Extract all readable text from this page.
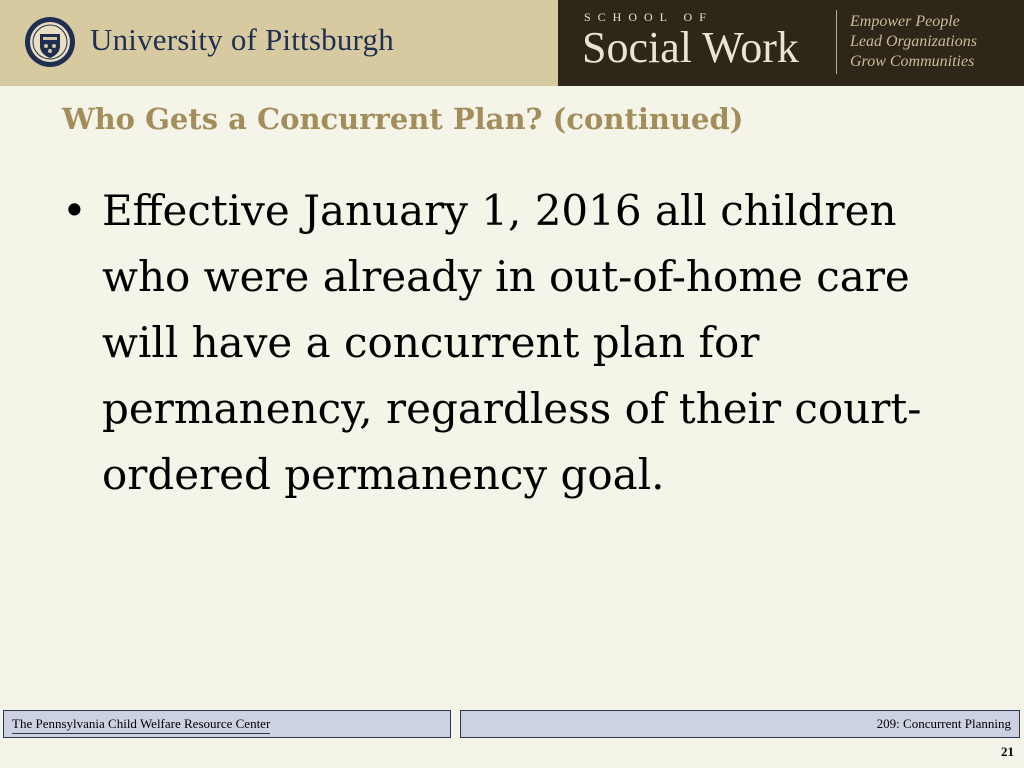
University of Pittsburgh
SCHOOL OF
Social Work
Empower People
Lead Organizations
Grow Communities
Who Gets a Concurrent Plan? (continued)
• Effective January 1, 2016 all children who were already in out-of-home care will have a concurrent plan for permanency, regardless of their court-ordered permanency goal.
The Pennsylvania Child Welfare Resource Center	209: Concurrent Planning
21
